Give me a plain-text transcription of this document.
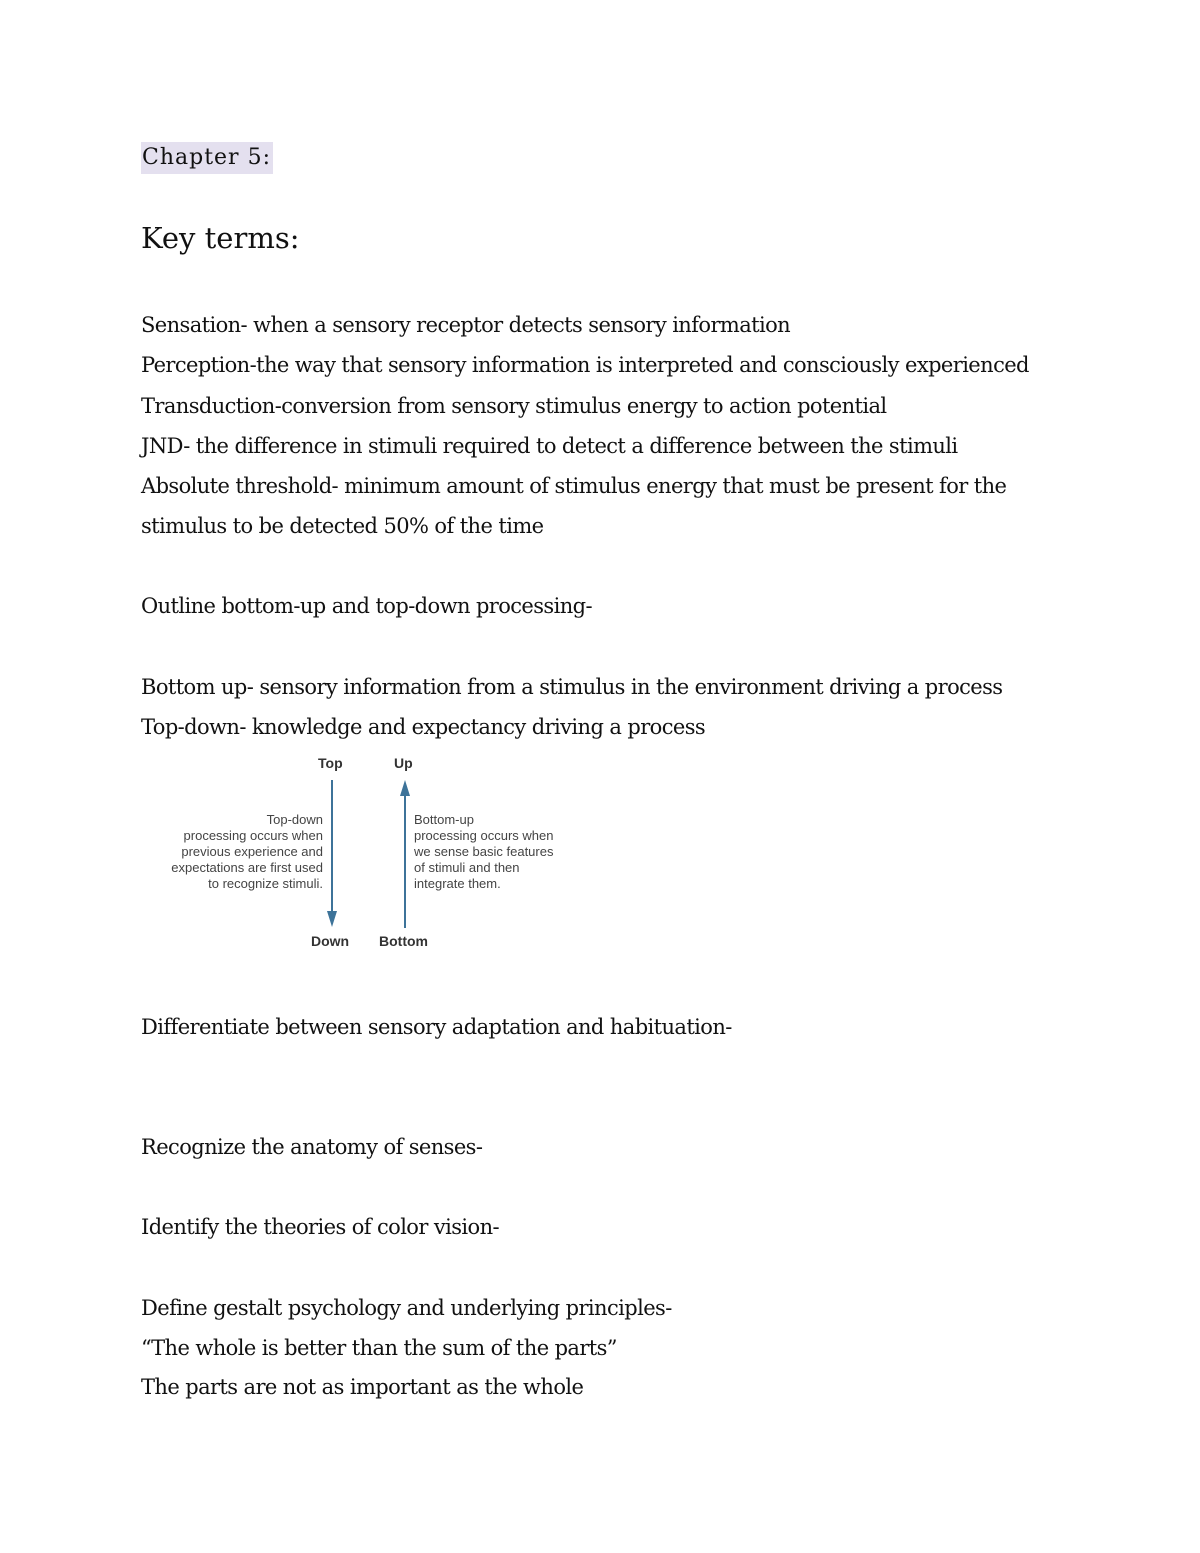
Chapter 5:
Key terms:
Sensation- when a sensory receptor detects sensory information
Perception-the way that sensory information is interpreted and consciously experienced
Transduction-conversion from sensory stimulus energy to action potential
JND- the difference in stimuli required to detect a difference between the stimuli
Absolute threshold- minimum amount of stimulus energy that must be present for the
stimulus to be detected 50% of the time
Outline bottom-up and top-down processing-
Bottom up- sensory information from a stimulus in the environment driving a process
Top-down- knowledge and expectancy driving a process
Top	Up
Down Bottom
Top-down
processing occurs when
previous experience and
expectations are first used
to recognize stimuli.
Bottom-up
processing occurs when
we sense basic features
of stimuli and then
integrate them.
Differentiate between sensory adaptation and habituation-
Recognize the anatomy of senses-
Identify the theories of color vision-
Define gestalt psychology and underlying principles-
“The whole is better than the sum of the parts”
The parts are not as important as the whole
